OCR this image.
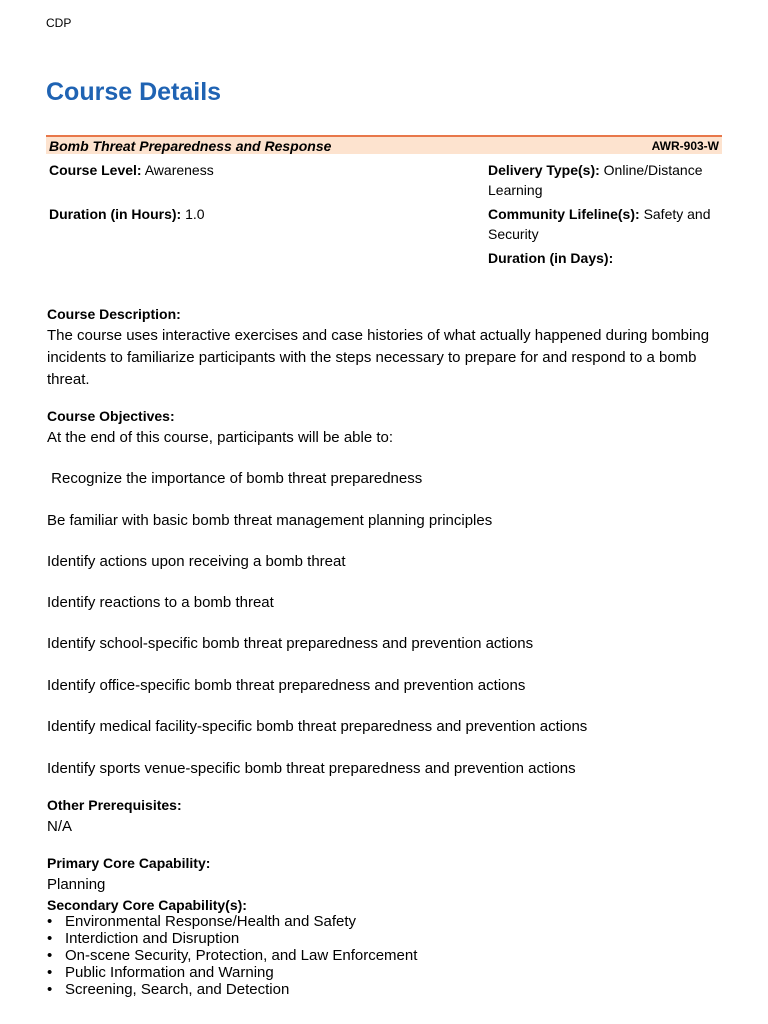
CDP
Course Details
Bomb Threat Preparedness and Response	AWR-903-W
Course Level: Awareness
Duration (in Hours): 1.0
Delivery Type(s): Online/Distance Learning
Community Lifeline(s): Safety and Security
Duration (in Days):
Course Description:
The course uses interactive exercises and case histories of what actually happened during bombing incidents to familiarize participants with the steps necessary to prepare for and respond to a bomb threat.
Course Objectives:
At the end of this course, participants will be able to:
Recognize the importance of bomb threat preparedness
Be familiar with basic bomb threat management planning principles
Identify actions upon receiving a bomb threat
Identify reactions to a bomb threat
Identify school-specific bomb threat preparedness and prevention actions
Identify office-specific bomb threat preparedness and prevention actions
Identify medical facility-specific bomb threat preparedness and prevention actions
Identify sports venue-specific bomb threat preparedness and prevention actions
Other Prerequisites:
N/A
Primary Core Capability:
Planning
Secondary Core Capability(s):
• Environmental Response/Health and Safety
• Interdiction and Disruption
• On-scene Security, Protection, and Law Enforcement
• Public Information and Warning
• Screening, Search, and Detection
